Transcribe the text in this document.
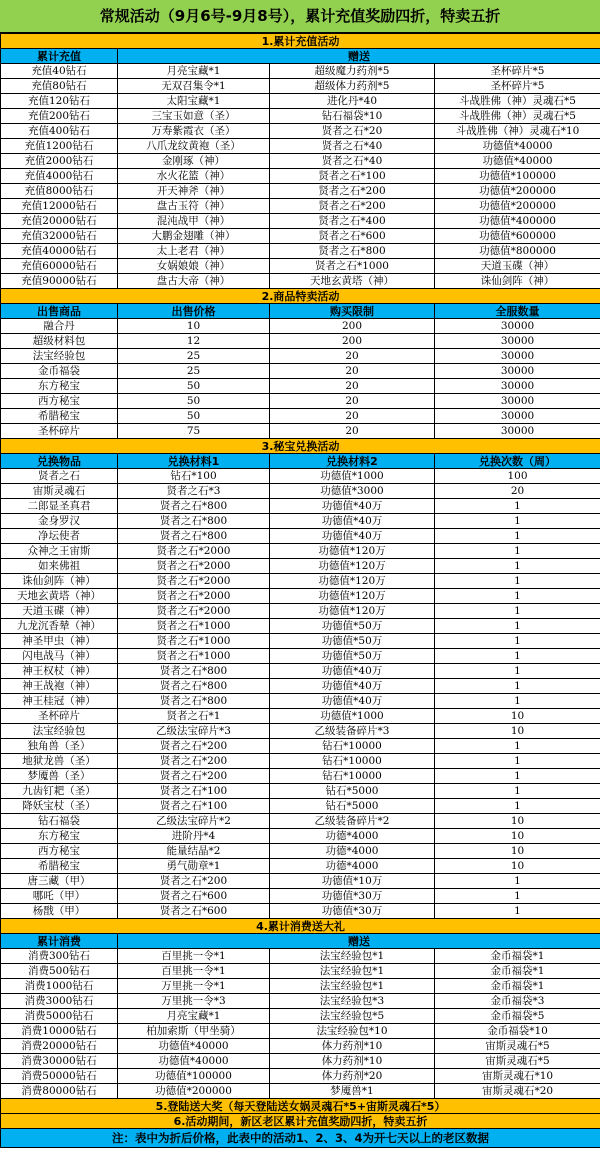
常规活动（9月6号-9月8号），累计充值奖励四折，特卖五折
1.累计充值活动			
累计充值	赠送		
充值40钻石	月亮宝藏*1	超级魔力药剂*5	圣杯碎片*5
充值80钻石	无双召集令*1	超级体力药剂*5	圣杯碎片*5
充值120钻石	太阳宝藏*1	进化丹*40	斗战胜佛（神）灵魂石*5
充值200钻石	三宝玉如意（圣）	钻石福袋*10	斗战胜佛（神）灵魂石*5
充值400钻石	万寿紫霞衣（圣）	贤者之石*20	斗战胜佛（神）灵魂石*10
充值1200钻石	八爪龙纹黄袍（圣）	贤者之石*40	功德值*40000
充值2000钻石	金刚琢（神）	贤者之石*40	功德值*40000
充值4000钻石	水火花篮（神）	贤者之石*100	功德值*100000
充值8000钻石	开天神斧（神）	贤者之石*200	功德值*200000
充值12000钻石	盘古玉符（神）	贤者之石*200	功德值*200000
充值20000钻石	混沌战甲（神）	贤者之石*400	功德值*400000
充值32000钻石	大鹏金翅雕（神）	贤者之石*600	功德值*600000
充值40000钻石	太上老君（神）	贤者之石*800	功德值*800000
充值60000钻石	女娲娘娘（神）	贤者之石*1000	天道玉碟（神）
充值90000钻石	盘古大帝（神）	天地玄黄塔（神）	诛仙剑阵（神）
2.商品特卖活动			
出售商品	出售价格	购买限制	全服数量
融合丹	10	200	30000
超级材料包	12	200	30000
法宝经验包	25	20	30000
金币福袋	25	20	30000
东方秘宝	50	20	30000
西方秘宝	50	20	30000
希腊秘宝	50	20	30000
圣杯碎片	75	20	30000
3.秘宝兑换活动			
兑换物品	兑换材料1	兑换材料2	兑换次数（周）
贤者之石	钻石*100	功德值*1000	100
宙斯灵魂石	贤者之石*3	功德值*3000	20
二郎显圣真君	贤者之石*800	功德值*40万	1
金身罗汉	贤者之石*800	功德值*40万	1
净坛使者	贤者之石*800	功德值*40万	1
众神之王宙斯	贤者之石*2000	功德值*120万	1
如来佛祖	贤者之石*2000	功德值*120万	1
诛仙剑阵（神）	贤者之石*2000	功德值*120万	1
天地玄黄塔（神）	贤者之石*2000	功德值*120万	1
天道玉碟（神）	贤者之石*2000	功德值*120万	1
九龙沉香辇（神）	贤者之石*1000	功德值*50万	1
神圣甲虫（神）	贤者之石*1000	功德值*50万	1
闪电战马（神）	贤者之石*1000	功德值*50万	1
神王权杖（神）	贤者之石*800	功德值*40万	1
神王战袍（神）	贤者之石*800	功德值*40万	1
神王桂冠（神）	贤者之石*800	功德值*40万	1
圣杯碎片	贤者之石*1	功德值*1000	10
法宝经验包	乙级法宝碎片*3	乙级装备碎片*3	10
独角兽（圣）	贤者之石*200	钻石*10000	1
地狱龙兽（圣）	贤者之石*200	钻石*10000	1
梦魇兽（圣）	贤者之石*200	钻石*10000	1
九齿钉耙（圣）	贤者之石*100	钻石*5000	1
降妖宝杖（圣）	贤者之石*100	钻石*5000	1
钻石福袋	乙级法宝碎片*2	乙级装备碎片*2	10
东方秘宝	进阶丹*4	功德*4000	10
西方秘宝	能量结晶*2	功德*4000	10
希腊秘宝	勇气勋章*1	功德*4000	10
唐三藏（甲）	贤者之石*200	功德值*10万	1
哪吒（甲）	贤者之石*600	功德值*30万	1
杨戬（甲）	贤者之石*600	功德值*30万	1
4.累计消费送大礼			
累计消费	赠送		
消费300钻石	百里挑一令*1	法宝经验包*1	金币福袋*1
消费500钻石	百里挑一令*1	法宝经验包*1	金币福袋*1
消费1000钻石	万里挑一令*1	法宝经验包*1	金币福袋*1
消费3000钻石	万里挑一令*3	法宝经验包*3	金币福袋*3
消费5000钻石	月亮宝藏*1	法宝经验包*5	金币福袋*5
消费10000钻石	柏加索斯（甲坐骑）	法宝经验包*10	金币福袋*10
消费20000钻石	功德值*40000	体力药剂*10	宙斯灵魂石*5
消费30000钻石	功德值*40000	体力药剂*10	宙斯灵魂石*5
消费50000钻石	功德值*100000	体力药剂*20	宙斯灵魂石*10
消费80000钻石	功德值*200000	梦魇兽*1	宙斯灵魂石*20
5.登陆送大奖（每天登陆送女娲灵魂石*5+宙斯灵魂石*5）			
6.活动期间，新区老区累计充值奖励四折，特卖五折			
注：表中为折后价格，此表中的活动1、2、3、4为开七天以上的老区数据			
